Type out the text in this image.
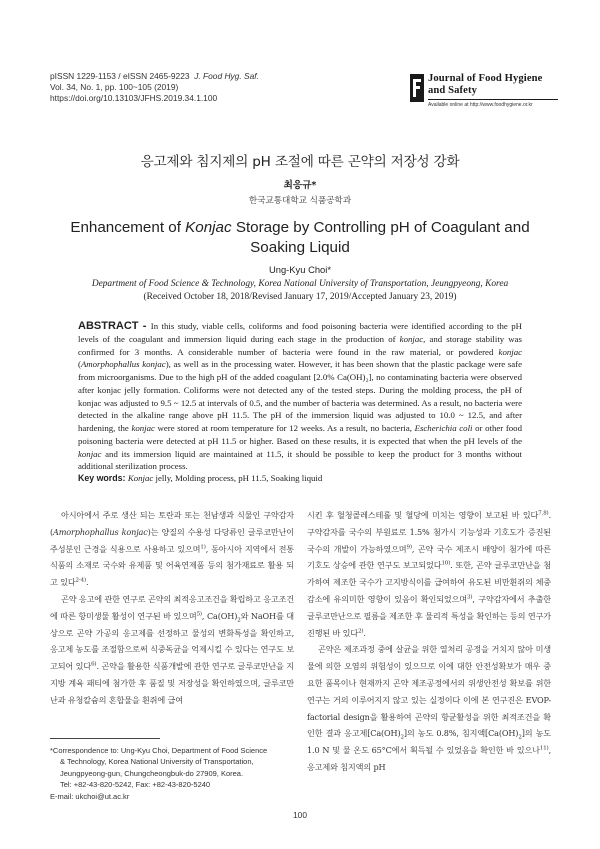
pISSN 1229-1153 / eISSN 2465-9223 J. Food Hyg. Saf.
Vol. 34, No. 1, pp. 100~105 (2019)
https://doi.org/10.13103/JFHS.2019.34.1.100
Journal of Food Hygiene
and Safety
Available online at http://www.foodhygiene.or.kr
응고제와 침지제의 pH 조절에 따른 곤약의 저장성 강화
최응규*
한국교통대학교 식품공학과
Enhancement of Konjac Storage by Controlling pH of Coagulant and Soaking Liquid
Ung-Kyu Choi*
Department of Food Science & Technology, Korea National University of Transportation, Jeungpyeong, Korea
(Received October 18, 2018/Revised January 17, 2019/Accepted January 23, 2019)
ABSTRACT - In this study, viable cells, coliforms and food poisoning bacteria were identified according to the pH levels of the coagulant and immersion liquid during each stage in the production of konjac, and storage stability was confirmed for 3 months. A considerable number of bacteria were found in the raw material, or powdered konjac (Amorphophallus konjac), as well as in the processing water. However, it has been shown that the plastic package were safe from microorganisms. Due to the high pH of the added coagulant [2.0% Ca(OH)₂], no contaminating bacteria were observed after konjac jelly formation. Coliforms were not detected any of the tested steps. During the molding process, the pH of konjac was adjusted to 9.5 ~ 12.5 at intervals of 0.5, and the number of bacteria was determined. As a result, no bacteria were detected in the alkaline range above pH 11.5. The pH of the immersion liquid was adjusted to 10.0 ~ 12.5, and after hardening, the konjac were stored at room temperature for 12 weeks. As a result, no bacteria, Escherichia coli or other food poisoning bacteria were detected at pH 11.5 or higher. Based on these results, it is expected that when the pH levels of the konjac and its immersion liquid are maintained at 11.5, it should be possible to keep the product for 3 months without additional sterilization process.
Key words: Konjac jelly, Molding process, pH 11.5, Soaking liquid

아시아에서 주로 생산 되는 토란과 또는 천남생과 식물인 구약감자(Amorphophallus konjac)는 양질의 수용성 다당류인 글루코만난이 주성분인 근경을 식용으로 사용하고 있으며$^{1)}$, 동아시아 지역에서 전통식품의 소재로 국수와 유제품 및 어육연제품 등의 첨가재료로 활용 되고 있다$^{2-4)}$.

곤약 응고에 관한 연구로 곤약의 최적응고조건을 확립하고 응고조건에 따른 항미생물 활성이 연구된 바 있으며$^{5)}$, $Ca(OH)_2$와 NaOH를 대상으로 곤약 가공의 응고제를 선정하고 물성의 변화특성을 확인하고, 응고제 농도를 조절함으로써 식중독균을 억제시킬 수 있다는 연구도 보고되어 있다$^{6)}$. 곤약을 활용한 식품개발에 관한 연구로 글루코만난을 지지방 계육 패티에 첨가한 후 품질 및 저장성을 확인하였으며, 글루코만난과 유청칼슘의 혼합물을 흰쥐에 급여

시킨 후 혈청콜레스테롤 및 혈당에 미치는 영향이 보고된 바 있다$^{7,8)}$. 구약감자를 국수의 부원료로 1.5% 첨가시 기능성과 기호도가 증진된 국수의 개발이 가능하였으며$^{9)}$, 곤약 국수 제조시 배양이 첨가에 따른 기호도 상승에 관한 연구도 보고되었다$^{10)}$. 또한, 곤약 글루코만난을 첨가하여 제조한 국수가 고지방식이를 급여하여 유도된 비만흰쥐의 체중감소에 유의미한 영향이 있음이 확인되었으며$^{3)}$, 구약감자에서 추출한 글루코만난으로 필름을 제조한 후 물리적 특성을 확인하는 등의 연구가 진행된 바 있다$^{2)}$.

곤약은 제조과정 중에 살균을 위한 열처리 공정을 거치지 않아 미생물에 의한 오염의 위험성이 있으므로 이에 대한 안전성확보가 매우 중요한 품목이나 현재까지 곤약 제조공정에서의 위생안전성 확보를 위한 연구는 거의 이루어지지 않고 있는 실정이다 이에 본 연구진은 EVOP-factorial design을 활용하여 곤약의 항균활성을 위한 최적조건을 확인한 결과 응고제$[Ca(OH)_2]$의 농도 0.8%, 침지액$[Ca(OH)_2]$의 농도 1.0 N 및 물 온도 65°C에서 획득될 수 있었음을 확인한 바 있으나$^{11)}$, 응고제와 침지액의 pH

*Correspondence to: Ung-Kyu Choi, Department of Food Science
& Technology, Korea National University of Transportation,
Jeungpyeong-gun, Chungcheongbuk-do 27909, Korea.
Tel: +82-43-820-5242, Fax: +82-43-820-5240
E-mail: ukchoi@ut.ac.kr
100
